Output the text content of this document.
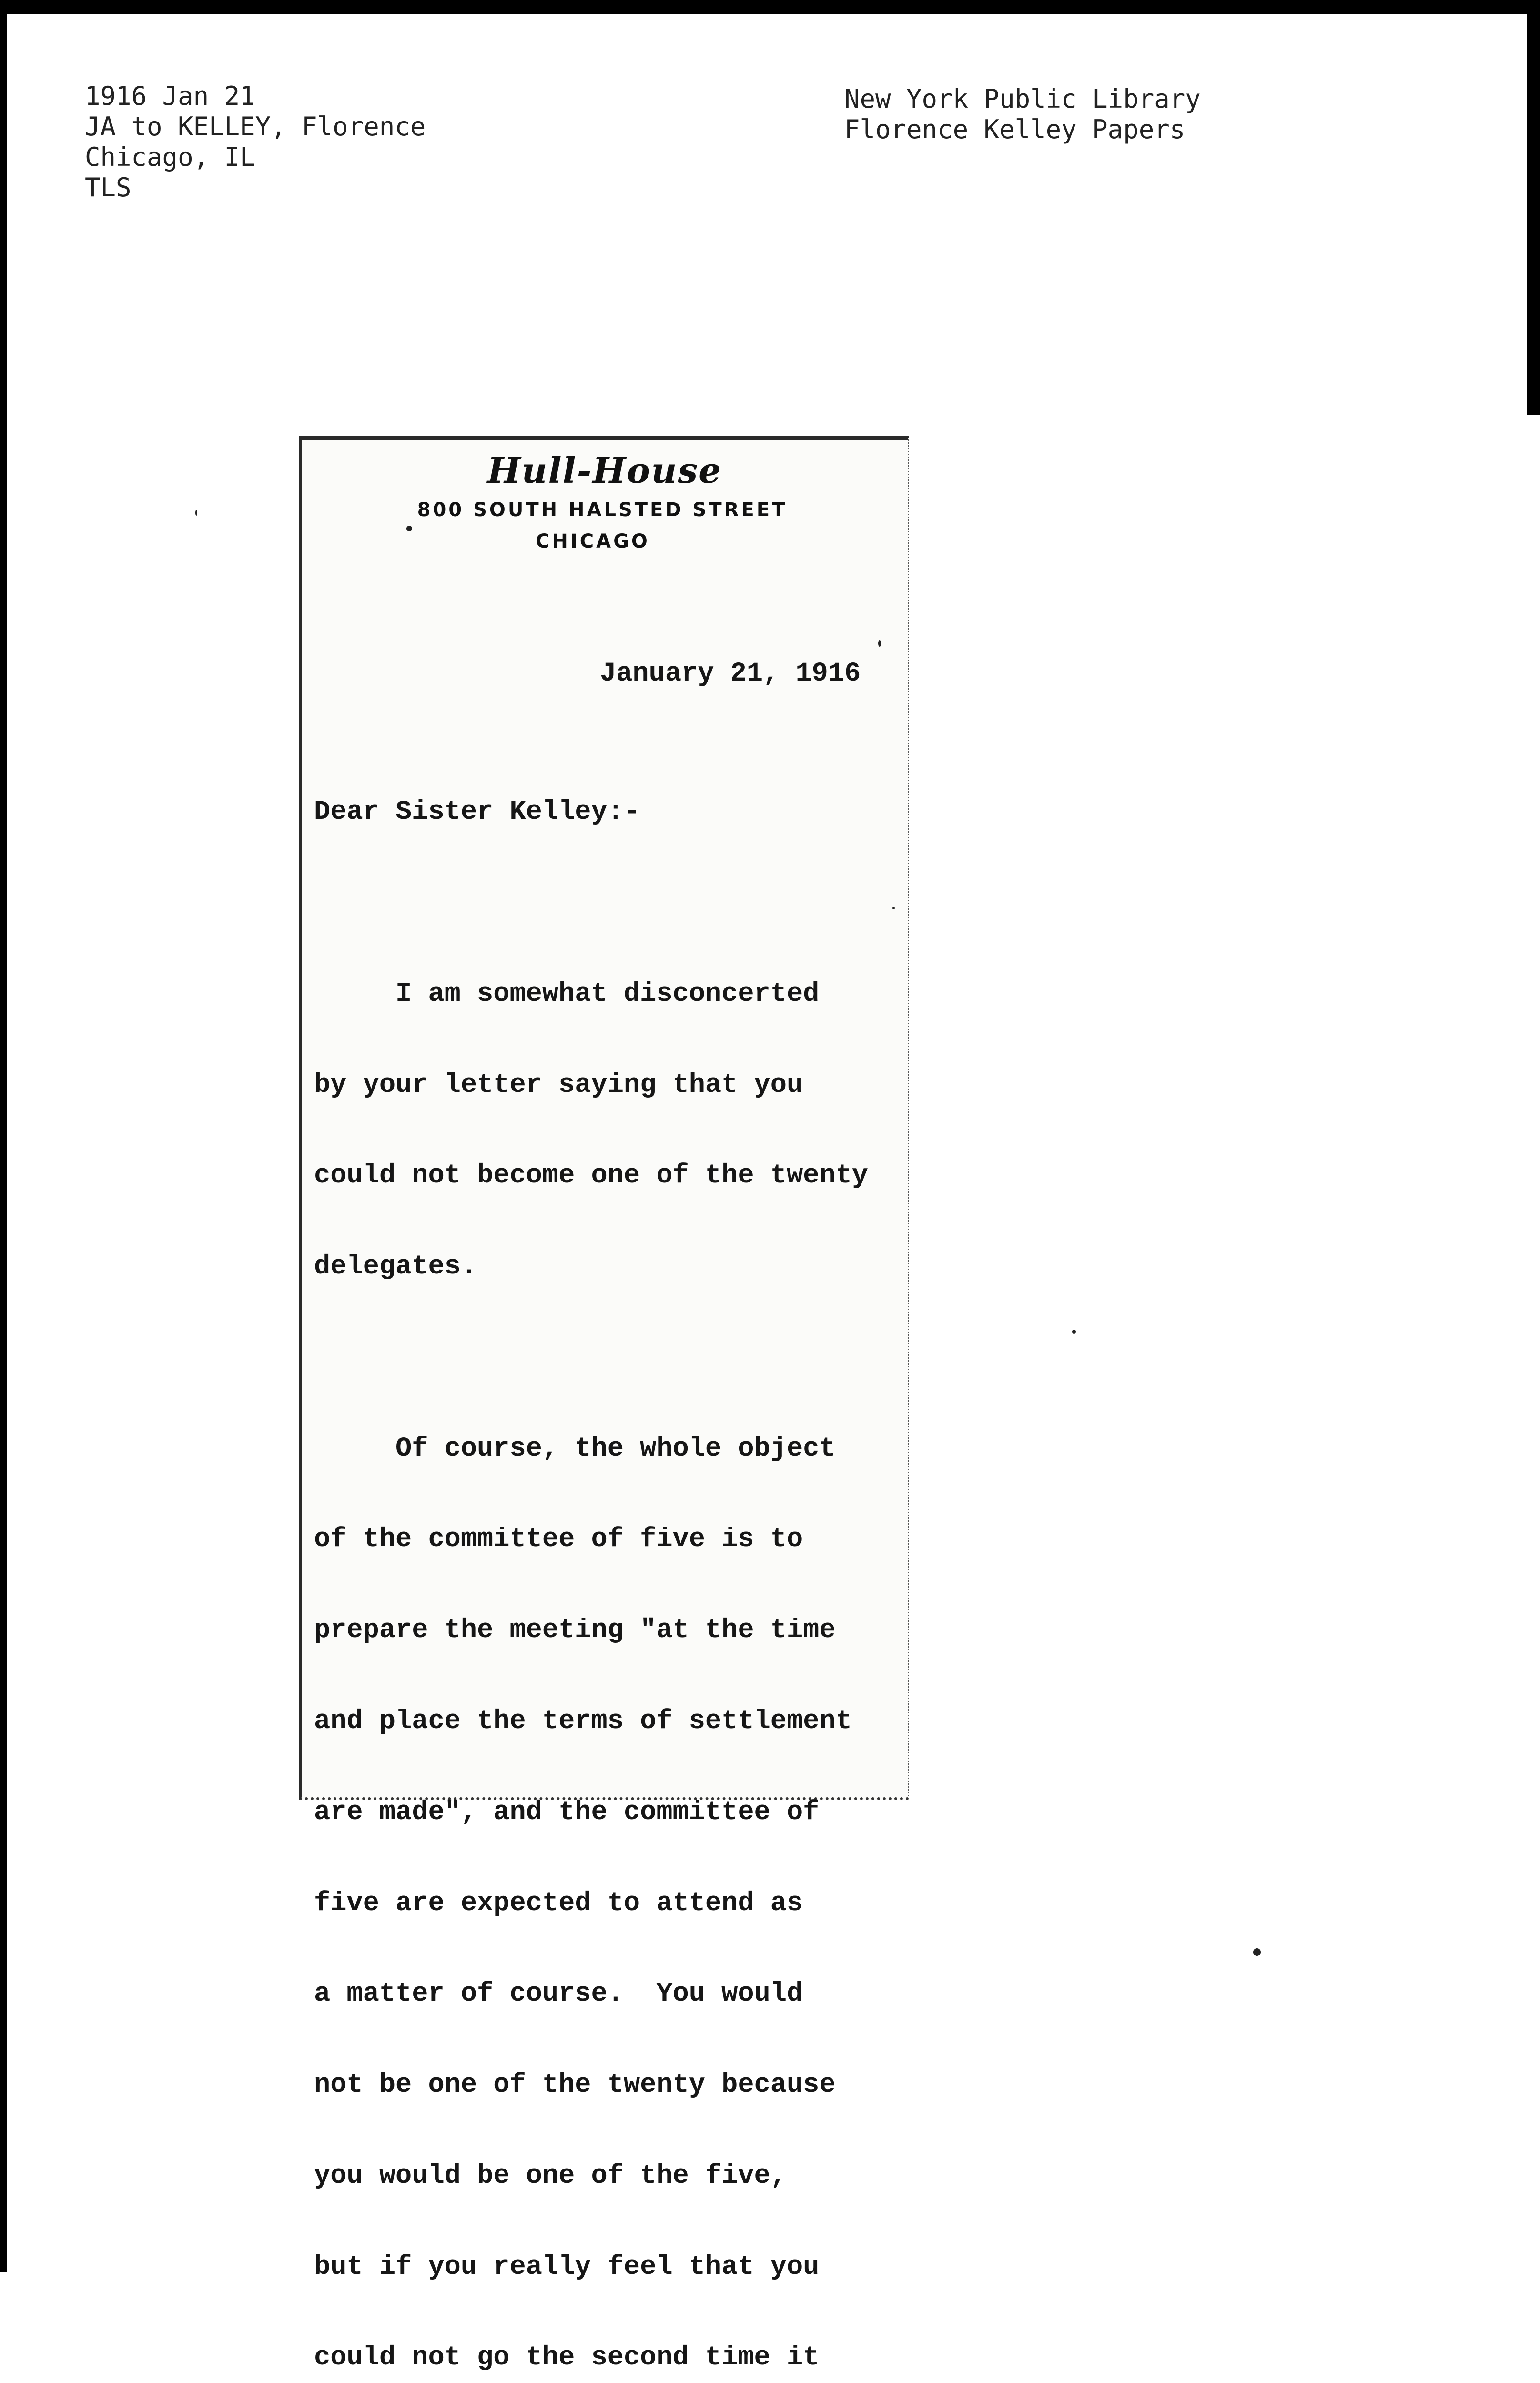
1916 Jan 21
JA to KELLEY, Florence
Chicago, IL
TLS
New York Public Library
Florence Kelley Papers
Hull-House
800 SOUTH HALSTED STREET
CHICAGO
January 21, 1916

Dear Sister Kelley:-

I am somewhat disconcerted

by your letter saying that you

could not become one of the twenty

delegates.

Of course, the whole object

of the committee of five is to

prepare the meeting "at the time

and place the terms of settlement

are made", and the committee of

five are expected to attend as

a matter of course.  You would

not be one of the twenty because

you would be one of the five,

but if you really feel that you

could not go the second time it
